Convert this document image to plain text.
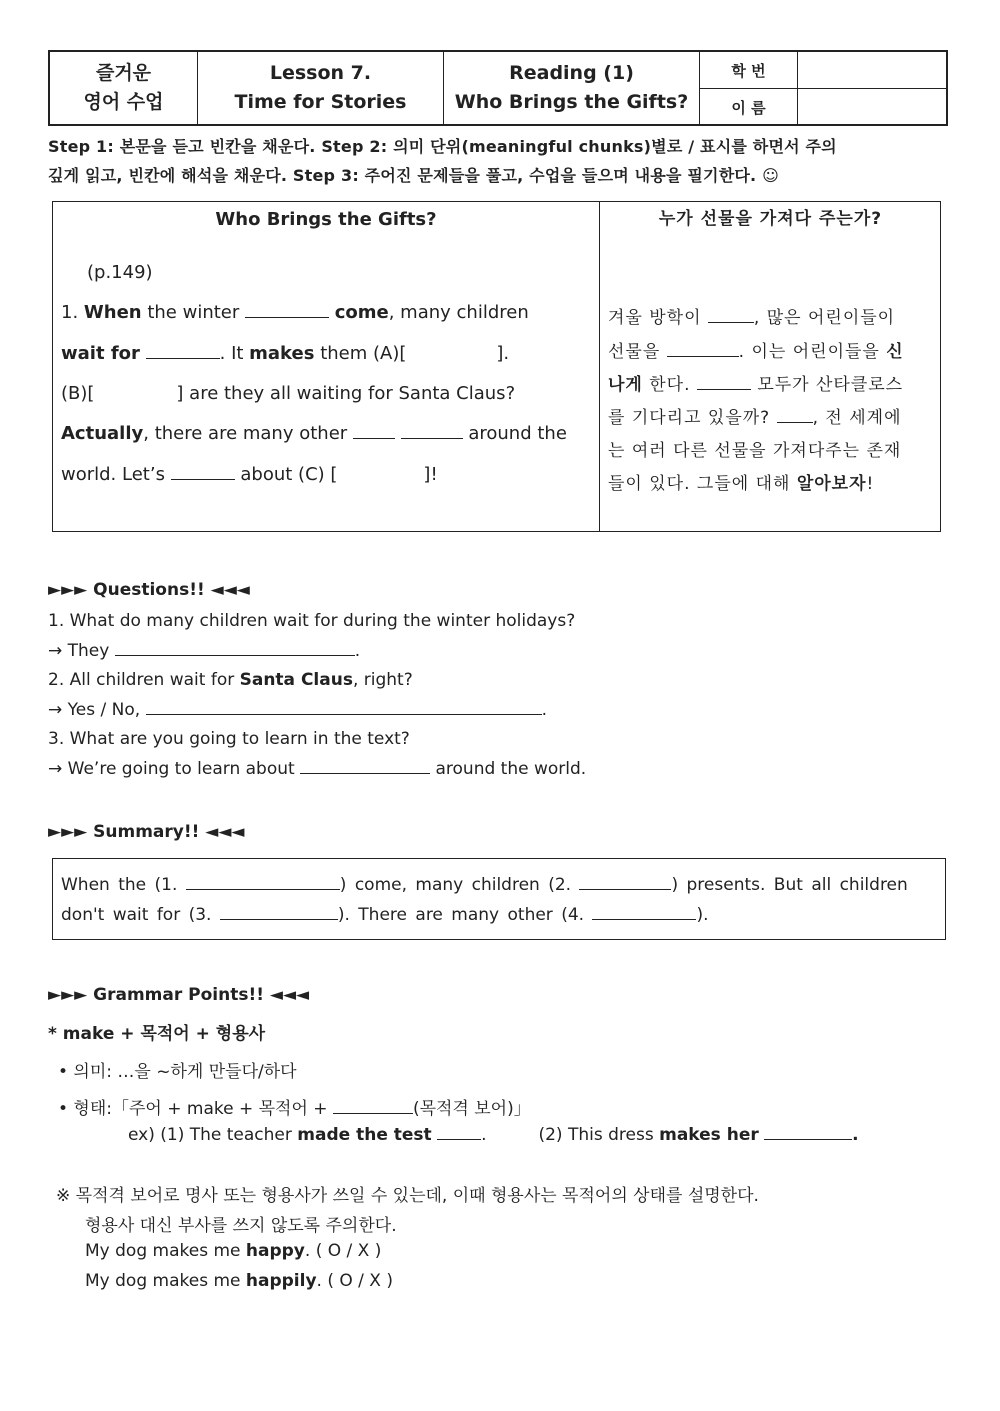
즐거운
영어 수업
Lesson 7.
Time for Stories
Reading (1)
Who Brings the Gifts?
학 번
이 름
Step 1: 본문을 듣고 빈칸을 채운다. Step 2: 의미 단위(meaningful chunks)별로 / 표시를 하면서 주의
깊게 읽고, 빈칸에 해석을 채운다. Step 3: 주어진 문제들을 풀고, 수업을 들으며 내용을 필기한다. ☺
Who Brings the Gifts?	누가 선물을 가져다 주는가?
(p.149)
1. When the winter	come, many children
wait for	. It makes them (A)[	].
(B)[	] are they all waiting for Santa Claus?
Actually, there are many other	around the
world. Let’s	about (C) [	]!
겨울 방학이	, 많은 어린이들이
선물을	. 이는 어린이들을 신
나게 한다.	모두가 산타클로스
를 기다리고 있을까? , 전 세계에
는 여러 다른 선물을 가져다주는 존재
들이 있다. 그들에 대해 알아보자!
►►► Questions!! ◄◄◄
1. What do many children wait for during the winter holidays?
→ They	.
2. All children wait for Santa Claus, right?
→ Yes / No,	.
3. What are you going to learn in the text?
→ We’re going to learn about	around the world.
►►► Summary!! ◄◄◄
When the (1.	) come, many children (2.	) presents. But all children
don't wait for (3.	). There are many other (4.	).
►►► Grammar Points!! ◄◄◄
* make + 목적어 + 형용사
• 의미: …을 ~하게 만들다/하다
• 형태:「주어 + make + 목적어 +	(목적격 보어)」
ex) (1) The teacher made the test	.	(2) This dress makes her	.
※ 목적격 보어로 명사 또는 형용사가 쓰일 수 있는데, 이때 형용사는 목적어의 상태를 설명한다.
형용사 대신 부사를 쓰지 않도록 주의한다.
My dog makes me happy. ( O / X )
My dog makes me happily. ( O / X )
